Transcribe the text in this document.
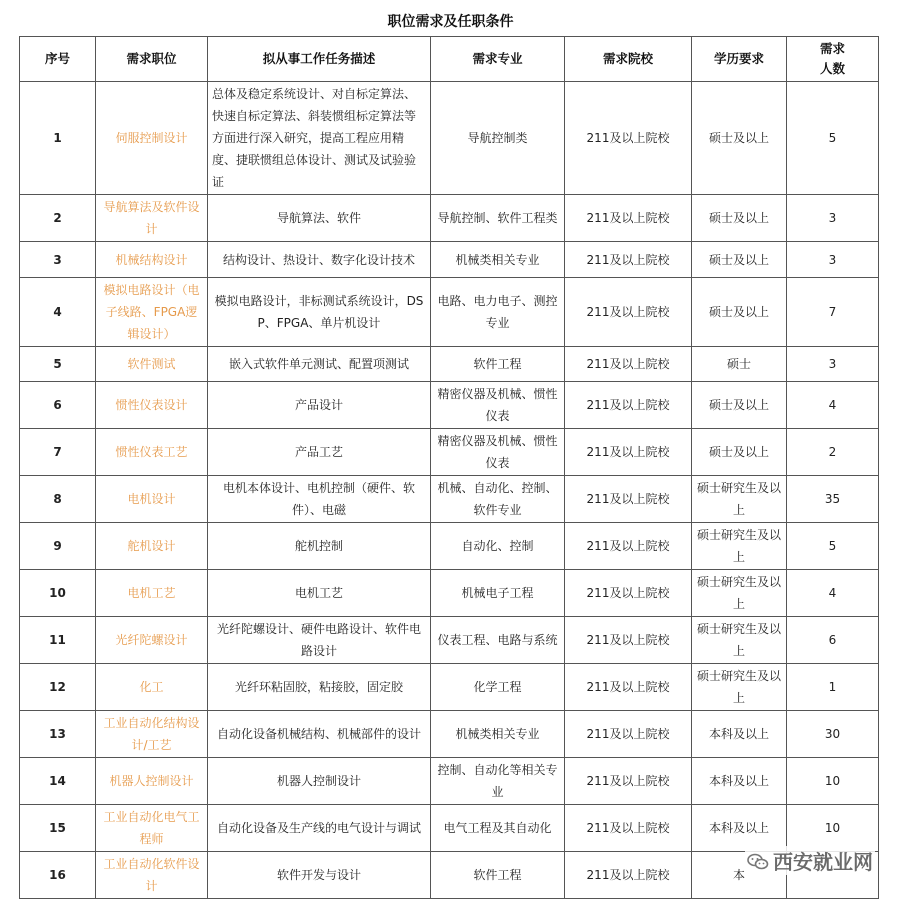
职位需求及任职条件
序号	需求职位	拟从事工作任务描述	需求专业	需求院校	学历要求	需求
人数
1	伺服控制设计	总体及稳定系统设计、对自标定算法、快速自标定算法、斜装惯组标定算法等方面进行深入研究，提高工程应用精度、捷联惯组总体设计、测试及试验验证	导航控制类	211及以上院校	硕士及以上	5
2	导航算法及软件设计	导航算法、软件	导航控制、软件工程类	211及以上院校	硕士及以上	3
3	机械结构设计	结构设计、热设计、数字化设计技术	机械类相关专业	211及以上院校	硕士及以上	3
4	模拟电路设计（电子线路、FPGA逻辑设计）	模拟电路设计，非标测试系统设计，DSP、FPGA、单片机设计	电路、电力电子、测控专业	211及以上院校	硕士及以上	7
5	软件测试	嵌入式软件单元测试、配置项测试	软件工程	211及以上院校	硕士	3
6	惯性仪表设计	产品设计	精密仪器及机械、惯性仪表	211及以上院校	硕士及以上	4
7	惯性仪表工艺	产品工艺	精密仪器及机械、惯性仪表	211及以上院校	硕士及以上	2
8	电机设计	电机本体设计、电机控制（硬件、软件）、电磁	机械、自动化、控制、软件专业	211及以上院校	硕士研究生及以上	35
9	舵机设计	舵机控制	自动化、控制	211及以上院校	硕士研究生及以上	5
10	电机工艺	电机工艺	机械电子工程	211及以上院校	硕士研究生及以上	4
11	光纤陀螺设计	光纤陀螺设计、硬件电路设计、软件电路设计	仪表工程、电路与系统	211及以上院校	硕士研究生及以上	6
12	化工	光纤环粘固胶，粘接胶，固定胶	化学工程	211及以上院校	硕士研究生及以上	1
13	工业自动化结构设计/工艺	自动化设备机械结构、机械部件的设计	机械类相关专业	211及以上院校	本科及以上	30
14	机器人控制设计	机器人控制设计	控制、自动化等相关专业	211及以上院校	本科及以上	10
15	工业自动化电气工程师	自动化设备及生产线的电气设计与调试	电气工程及其自动化	211及以上院校	本科及以上	10
16	工业自动化软件设计	软件开发与设计	软件工程	211及以上院校	本	
西安就业网
